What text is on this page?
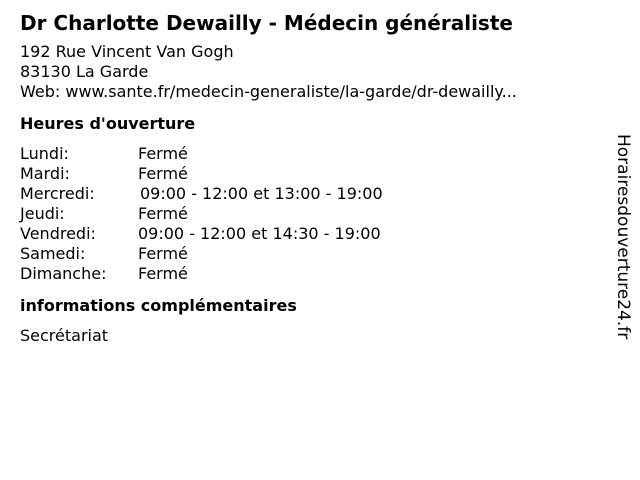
Dr Charlotte Dewailly - Médecin généraliste
192 Rue Vincent Van Gogh
83130 La Garde
Web: www.sante.fr/medecin-generaliste/la-garde/dr-dewailly...
Heures d'ouverture
Lundi:	Fermé
Mardi:	Fermé
Mercredi:	09:00 - 12:00 et 13:00 - 19:00
Jeudi:	Fermé
Vendredi:	09:00 - 12:00 et 14:30 - 19:00
Samedi:	Fermé
Dimanche:	Fermé
informations complémentaires
Secrétariat	Horairesdouverture24.fr
